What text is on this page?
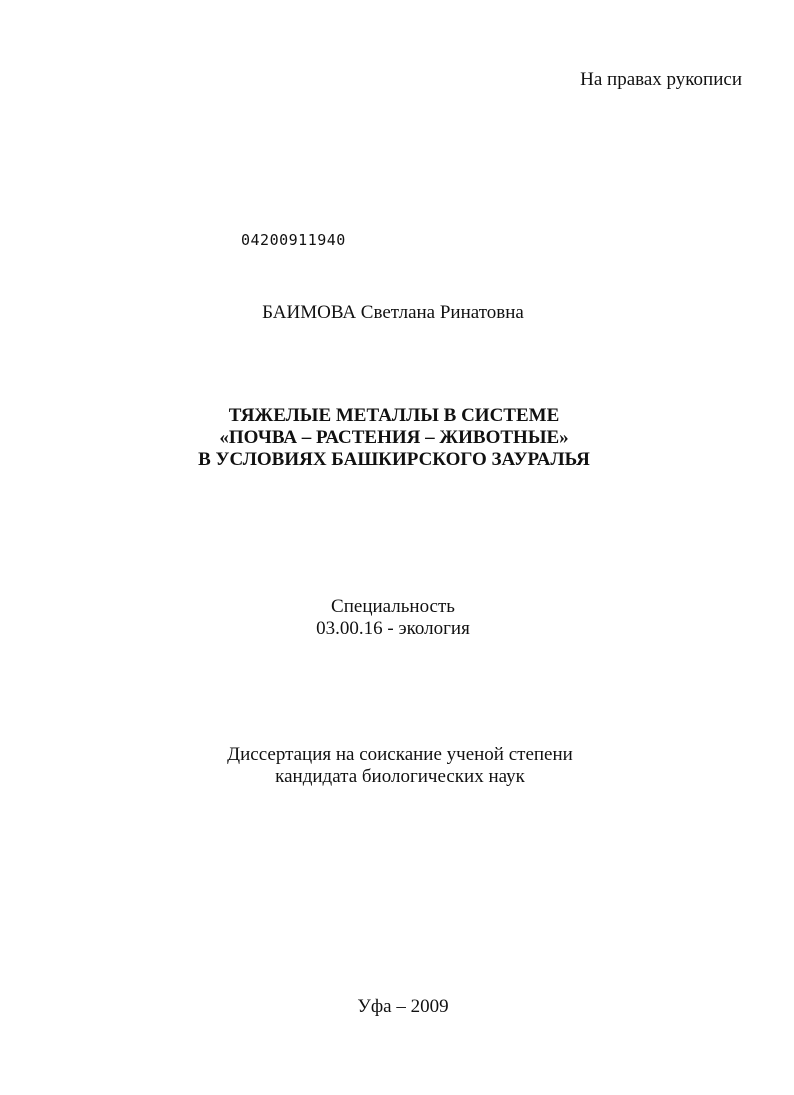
На правах рукописи
04200911940
БАИМОВА Светлана Ринатовна
ТЯЖЕЛЫЕ МЕТАЛЛЫ В СИСТЕМЕ
«ПОЧВА – РАСТЕНИЯ – ЖИВОТНЫЕ»
В УСЛОВИЯХ БАШКИРСКОГО ЗАУРАЛЬЯ
Специальность
03.00.16 - экология
Диссертация на соискание ученой степени
кандидата биологических наук
Уфа – 2009
